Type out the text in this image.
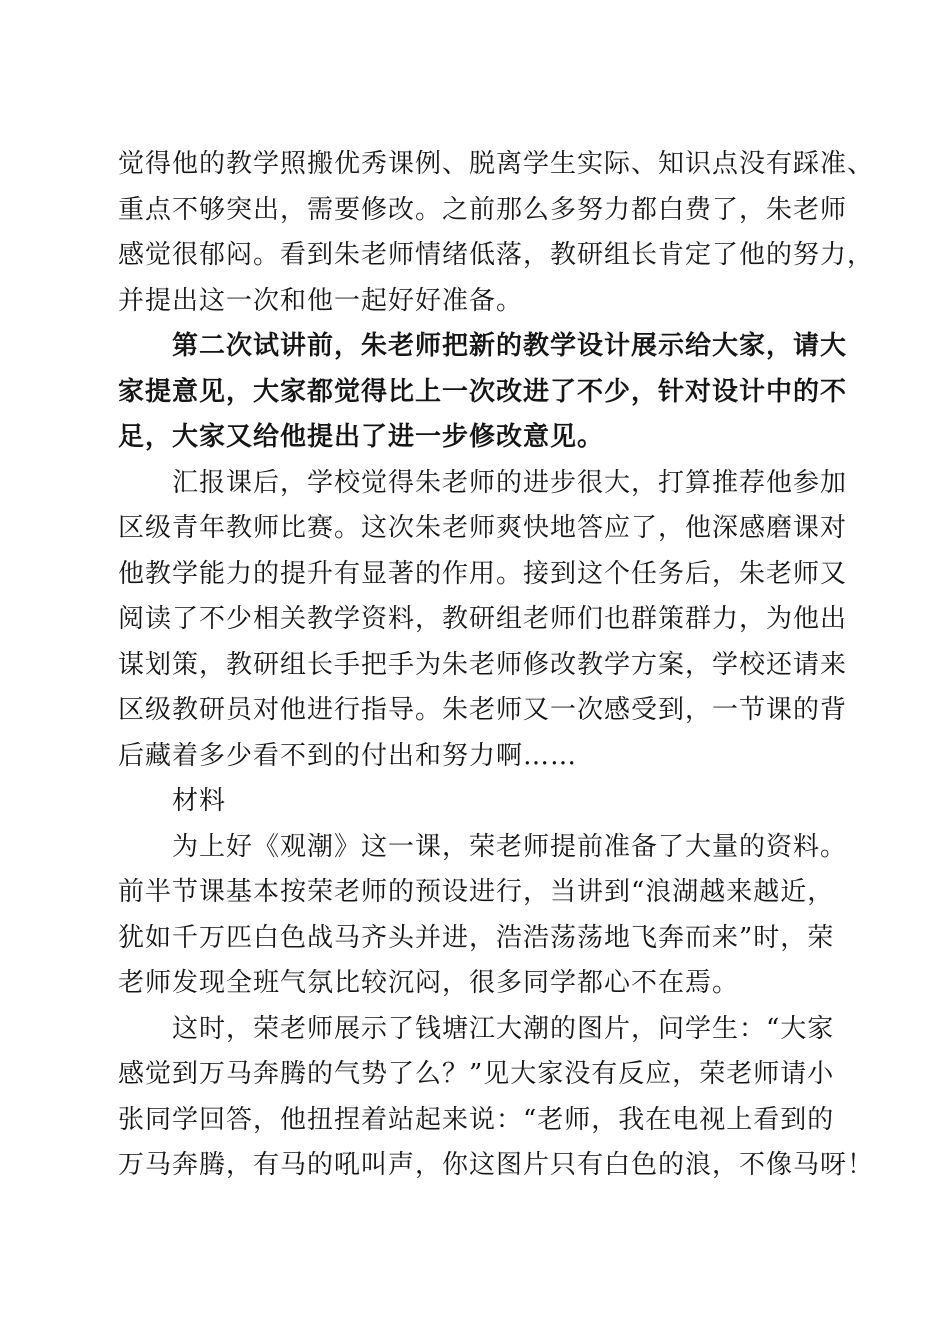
觉得他的教学照搬优秀课例、脱离学生实际、知识点没有踩准、
重点不够突出，需要修改。之前那么多努力都白费了，朱老师
感觉很郁闷。看到朱老师情绪低落，教研组长肯定了他的努力，
并提出这一次和他一起好好准备。
第二次试讲前，朱老师把新的教学设计展示给大家，请大
家提意见，大家都觉得比上一次改进了不少，针对设计中的不
足，大家又给他提出了进一步修改意见。
汇报课后，学校觉得朱老师的进步很大，打算推荐他参加
区级青年教师比赛。这次朱老师爽快地答应了，他深感磨课对
他教学能力的提升有显著的作用。接到这个任务后，朱老师又
阅读了不少相关教学资料，教研组老师们也群策群力，为他出
谋划策，教研组长手把手为朱老师修改教学方案，学校还请来
区级教研员对他进行指导。朱老师又一次感受到，一节课的背
后藏着多少看不到的付出和努力啊……
材料
为上好《观潮》这一课，荣老师提前准备了大量的资料。
前半节课基本按荣老师的预设进行，当讲到“浪湖越来越近，
犹如千万匹白色战马齐头并进，浩浩荡荡地飞奔而来”时，荣
老师发现全班气氛比较沉闷，很多同学都心不在焉。
这时，荣老师展示了钱塘江大潮的图片，问学生：“大家
感觉到万马奔腾的气势了么？”见大家没有反应，荣老师请小
张同学回答，他扭捏着站起来说：“老师，我在电视上看到的
万马奔腾，有马的吼叫声，你这图片只有白色的浪，不像马呀！
